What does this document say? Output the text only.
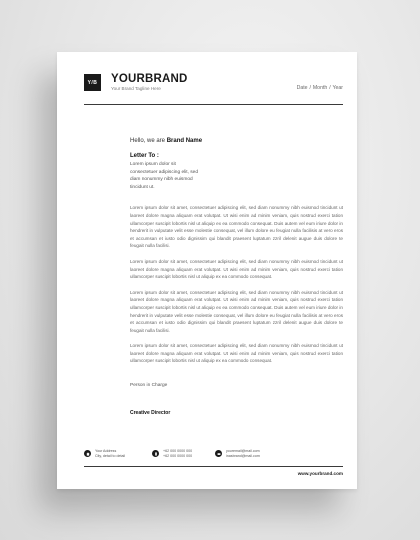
Y/B YOURBRAND
Your Brand Tagline Here	Date / Month / Year

Hello, we are Brand Name

Letter To :

Lorem ipsum dolor sit
consectetuer adipiscing elit, sed
diam nonummy nibh euismod
tincidunt ut.

Lorem ipsum dolor sit amet, consectetuer adipiscing elit, sed diam nonummy nibh euismod tincidunt ut laoreet dolore magna aliquam erat volutpat. Ut wisi enim ad minim veniam, quis nostrud exerci tation ullamcorper suscipit lobortis nisl ut aliquip ex ea commodo consequat. Duis autem vel eum iriure dolor in hendrerit in vulputate velit esse molestie consequat, vel illum dolore eu feugiat nulla facilisis at vero eros et accumsan et iusto odio dignissim qui blandit praesent luptatum zzril delenit augue duis dolore te feugait nulla facilisi.

Lorem ipsum dolor sit amet, consectetuer adipiscing elit, sed diam nonummy nibh euismod tincidunt ut laoreet dolore magna aliquam erat volutpat. Ut wisi enim ad minim veniam, quis nostrud exerci tation ullamcorper suscipit lobortis nisl ut aliquip ex ea commodo consequat.

Lorem ipsum dolor sit amet, consectetuer adipiscing elit, sed diam nonummy nibh euismod tincidunt ut laoreet dolore magna aliquam erat volutpat. Ut wisi enim ad minim veniam, quis nostrud exerci tation ullamcorper suscipit lobortis nisl ut aliquip ex ea commodo consequat. Duis autem vel eum iriure dolor in hendrerit in vulputate velit esse molestie consequat, vel illum dolore eu feugiat nulla facilisis at vero eros et accumsan et iusto odio dignissim qui blandit praesent luptatum zzril delenit augue duis dolore te feugait nulla facilisi.

Lorem ipsum dolor sit amet, consectetuer adipiscing elit, sed diam nonummy nibh euismod tincidunt ut laoreet dolore magna aliquam erat volutpat. Ut wisi enim ad minim veniam, quis nostrud exerci tation ullamcorper suscipit lobortis nisl ut aliquip ex ea commodo consequat.

Person in Charge

Creative Director

Your Address
City, detail to detail
+62 000 0000 000
+62 000 0000 000
youremail@mail.com
inasbrand@mail.com
www.yourbrand.com
